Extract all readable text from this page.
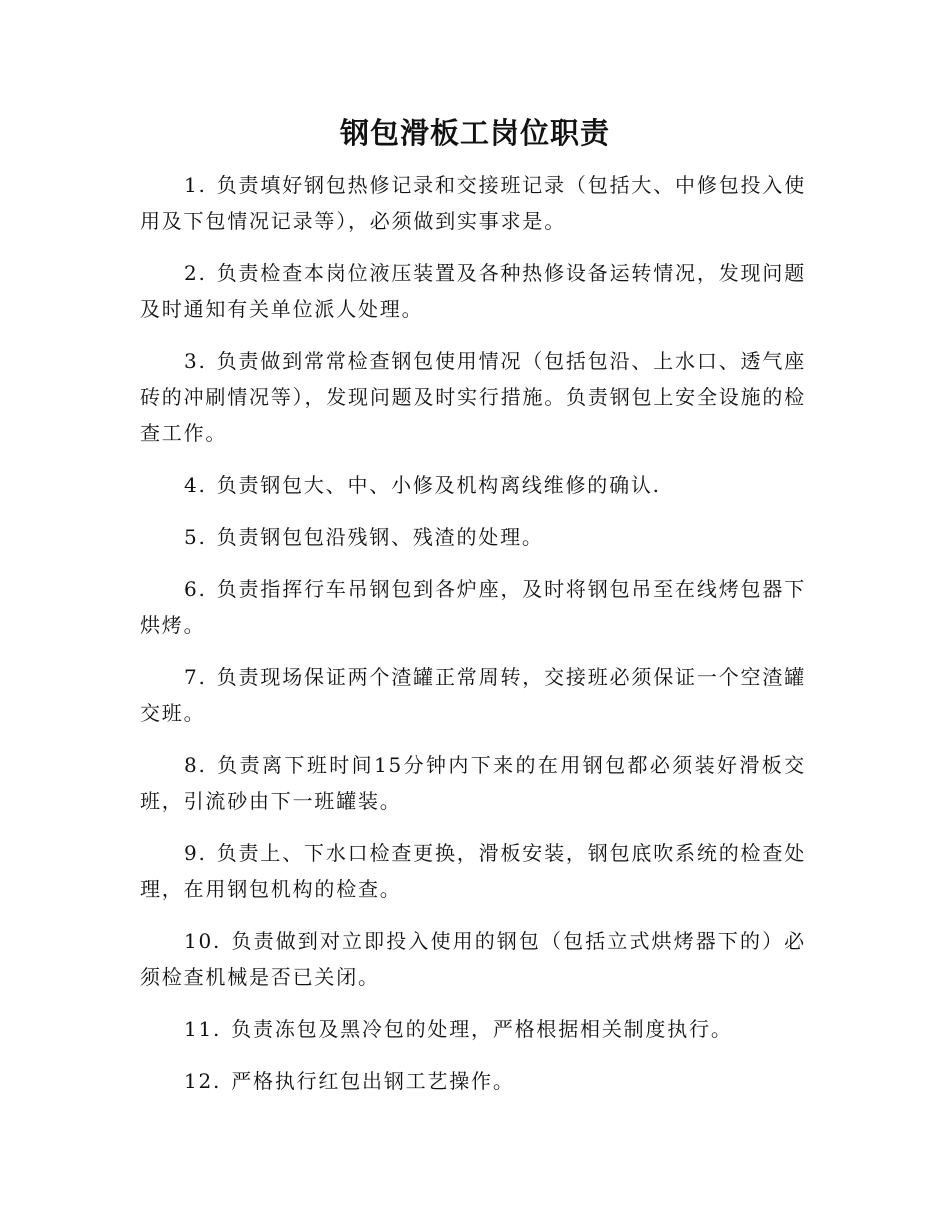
钢包滑板工岗位职责

1. 负责填好钢包热修记录和交接班记录（包括大、中修包投入使用及下包情况记录等），必须做到实事求是。

2. 负责检查本岗位液压装置及各种热修设备运转情况，发现问题及时通知有关单位派人处理。

3. 负责做到常常检查钢包使用情况（包括包沿、上水口、透气座砖的冲刷情况等），发现问题及时实行措施。负责钢包上安全设施的检查工作。

4. 负责钢包大、中、小修及机构离线维修的确认.

5. 负责钢包包沿残钢、残渣的处理。

6. 负责指挥行车吊钢包到各炉座，及时将钢包吊至在线烤包器下烘烤。

7. 负责现场保证两个渣罐正常周转，交接班必须保证一个空渣罐交班。

8. 负责离下班时间15分钟内下来的在用钢包都必须装好滑板交班，引流砂由下一班罐装。

9. 负责上、下水口检查更换，滑板安装，钢包底吹系统的检查处理，在用钢包机构的检查。

10. 负责做到对立即投入使用的钢包（包括立式烘烤器下的）必须检查机械是否已关闭。

11. 负责冻包及黑冷包的处理，严格根据相关制度执行。

12. 严格执行红包出钢工艺操作。
